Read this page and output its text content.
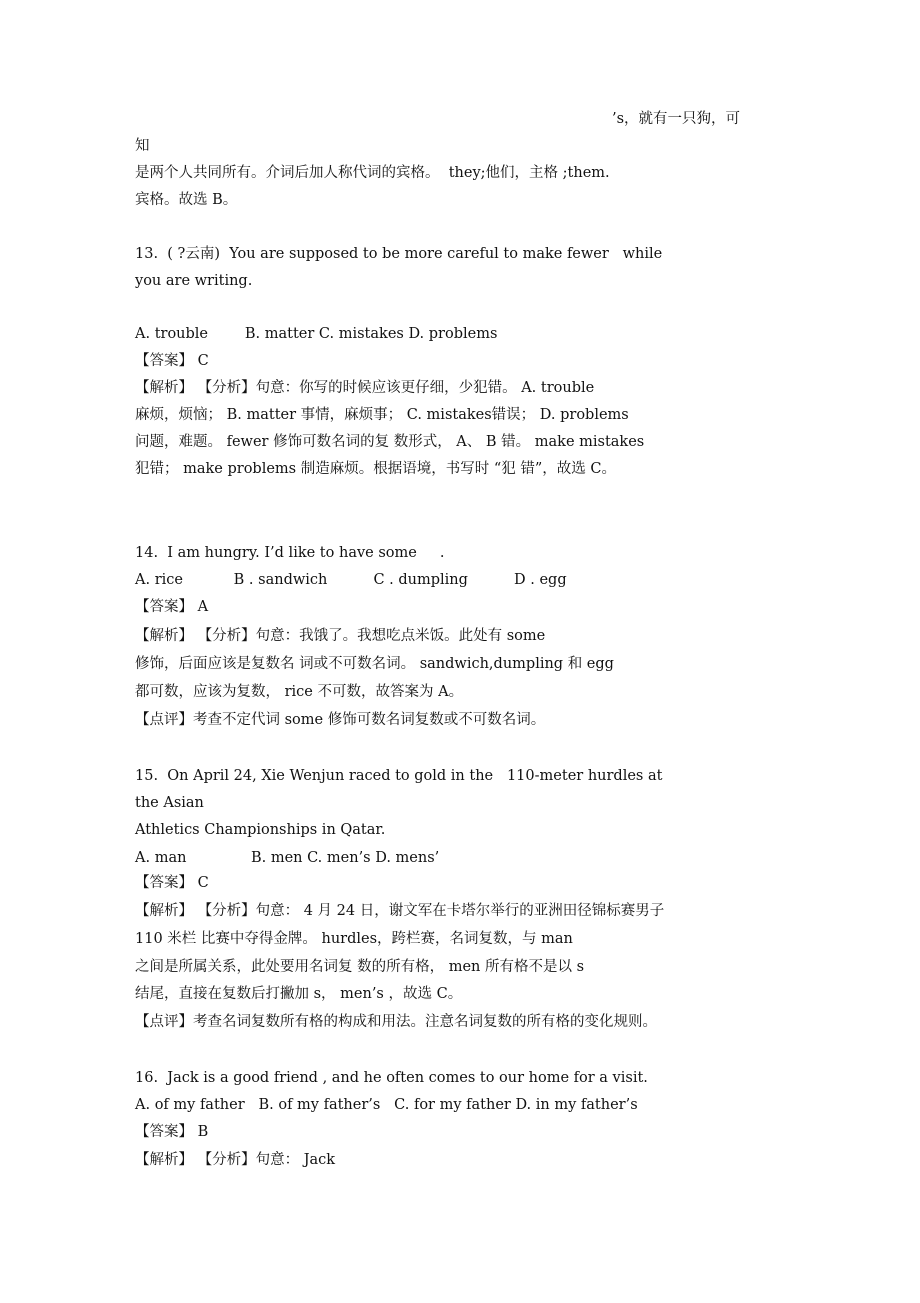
’s，就有一只狗，可
知
是两个人共同所有。介词后加人称代词的宾格。  they;他们，主格 ;them.
宾格。故选 B。
13.  ( ?云南)  You are supposed to be more careful to make fewer   while
you are writing.
A. trouble        B. matter C. mistakes D. problems
【答案】 C
【解析】 【分析】句意：你写的时候应该更仔细，少犯错。 A. trouble
麻烦，烦恼； B. matter 事情，麻烦事； C. mistakes错误； D. problems
问题，难题。 fewer 修饰可数名词的复 数形式， A、 B 错。 make mistakes
犯错； make problems 制造麻烦。根据语境，书写时 “犯 错”，故选 C。
14.  I am hungry. I’d like to have some     .
A. rice           B . sandwich          C . dumpling          D . egg
【答案】 A
【解析】 【分析】句意：我饿了。我想吃点米饭。此处有 some
修饰，后面应该是复数名 词或不可数名词。 sandwich,dumpling 和 egg
都可数，应该为复数， rice 不可数，故答案为 A。
【点评】考查不定代词 some 修饰可数名词复数或不可数名词。
15.  On April 24, Xie Wenjun raced to gold in the   110-meter hurdles at
the Asian
Athletics Championships in Qatar.
A. man              B. men C. men’s D. mens’
【答案】 C
【解析】 【分析】句意： 4 月 24 日，谢文军在卡塔尔举行的亚洲田径锦标赛男子
110 米栏 比赛中夺得金牌。 hurdles，跨栏赛，名词复数，与 man
之间是所属关系，此处要用名词复 数的所有格， men 所有格不是以 s
结尾，直接在复数后打撇加 s， men’s ，故选 C。
【点评】考查名词复数所有格的构成和用法。注意名词复数的所有格的变化规则。
16.  Jack is a good friend , and he often comes to our home for a visit.
A. of my father   B. of my father’s   C. for my father D. in my father’s
【答案】 B
【解析】 【分析】句意： Jack
